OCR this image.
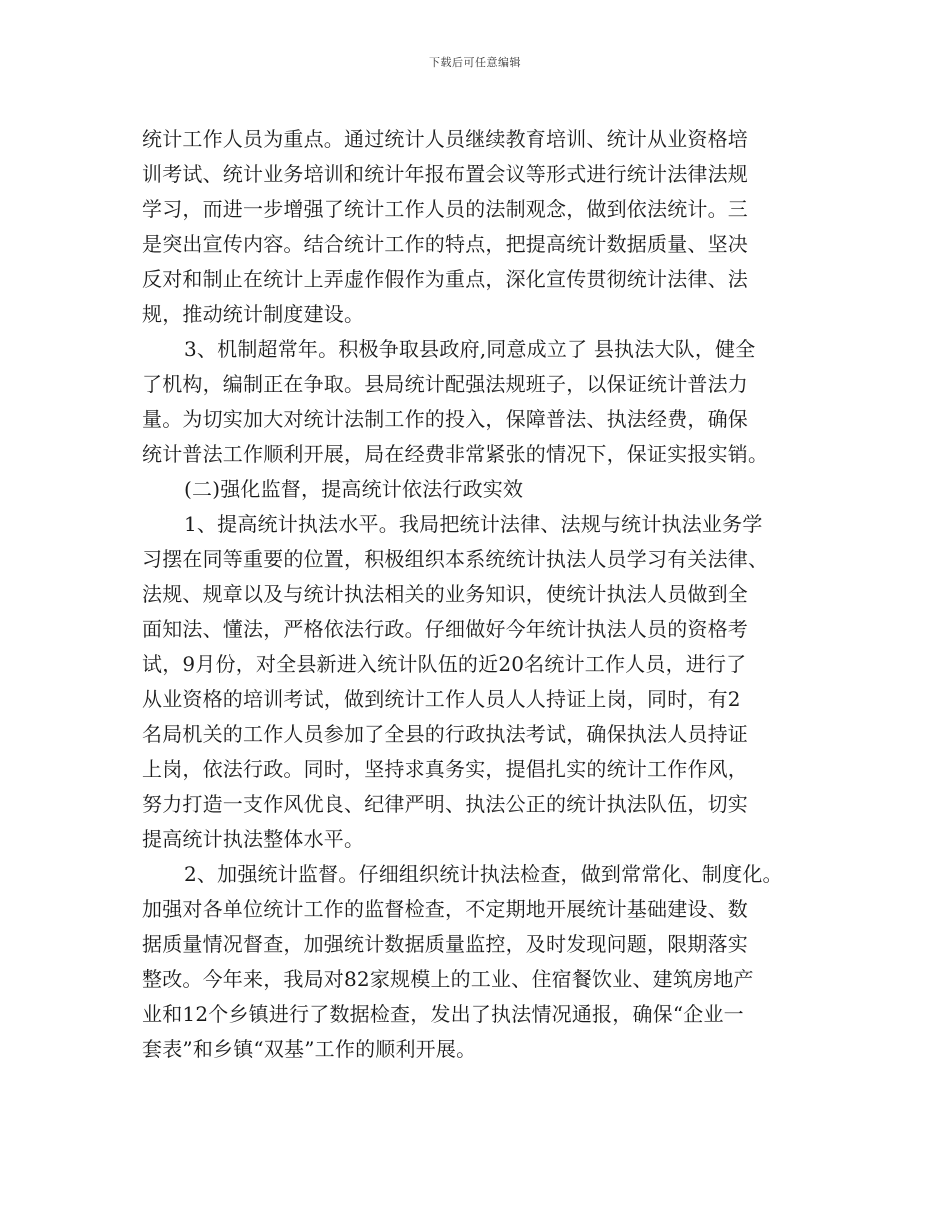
下载后可任意编辑
统计工作人员为重点。通过统计人员继续教育培训、统计从业资格培
训考试、统计业务培训和统计年报布置会议等形式进行统计法律法规
学习，而进一步增强了统计工作人员的法制观念，做到依法统计。三
是突出宣传内容。结合统计工作的特点，把提高统计数据质量、坚决
反对和制止在统计上弄虚作假作为重点，深化宣传贯彻统计法律、法
规，推动统计制度建设。
3、机制超常年。积极争取县政府,同意成立了 县执法大队，健全
了机构，编制正在争取。县局统计配强法规班子，以保证统计普法力
量。为切实加大对统计法制工作的投入，保障普法、执法经费，确保
统计普法工作顺利开展，局在经费非常紧张的情况下，保证实报实销。
(二)强化监督，提高统计依法行政实效
1、提高统计执法水平。我局把统计法律、法规与统计执法业务学
习摆在同等重要的位置，积极组织本系统统计执法人员学习有关法律、
法规、规章以及与统计执法相关的业务知识，使统计执法人员做到全
面知法、懂法，严格依法行政。仔细做好今年统计执法人员的资格考
试，9月份，对全县新进入统计队伍的近20名统计工作人员，进行了
从业资格的培训考试，做到统计工作人员人人持证上岗，同时，有2
名局机关的工作人员参加了全县的行政执法考试，确保执法人员持证
上岗，依法行政。同时，坚持求真务实，提倡扎实的统计工作作风，
努力打造一支作风优良、纪律严明、执法公正的统计执法队伍，切实
提高统计执法整体水平。
2、加强统计监督。仔细组织统计执法检查，做到常常化、制度化。
加强对各单位统计工作的监督检查，不定期地开展统计基础建设、数
据质量情况督查，加强统计数据质量监控，及时发现问题，限期落实
整改。今年来，我局对82家规模上的工业、住宿餐饮业、建筑房地产
业和12个乡镇进行了数据检查，发出了执法情况通报，确保“企业一
套表”和乡镇“双基”工作的顺利开展。
